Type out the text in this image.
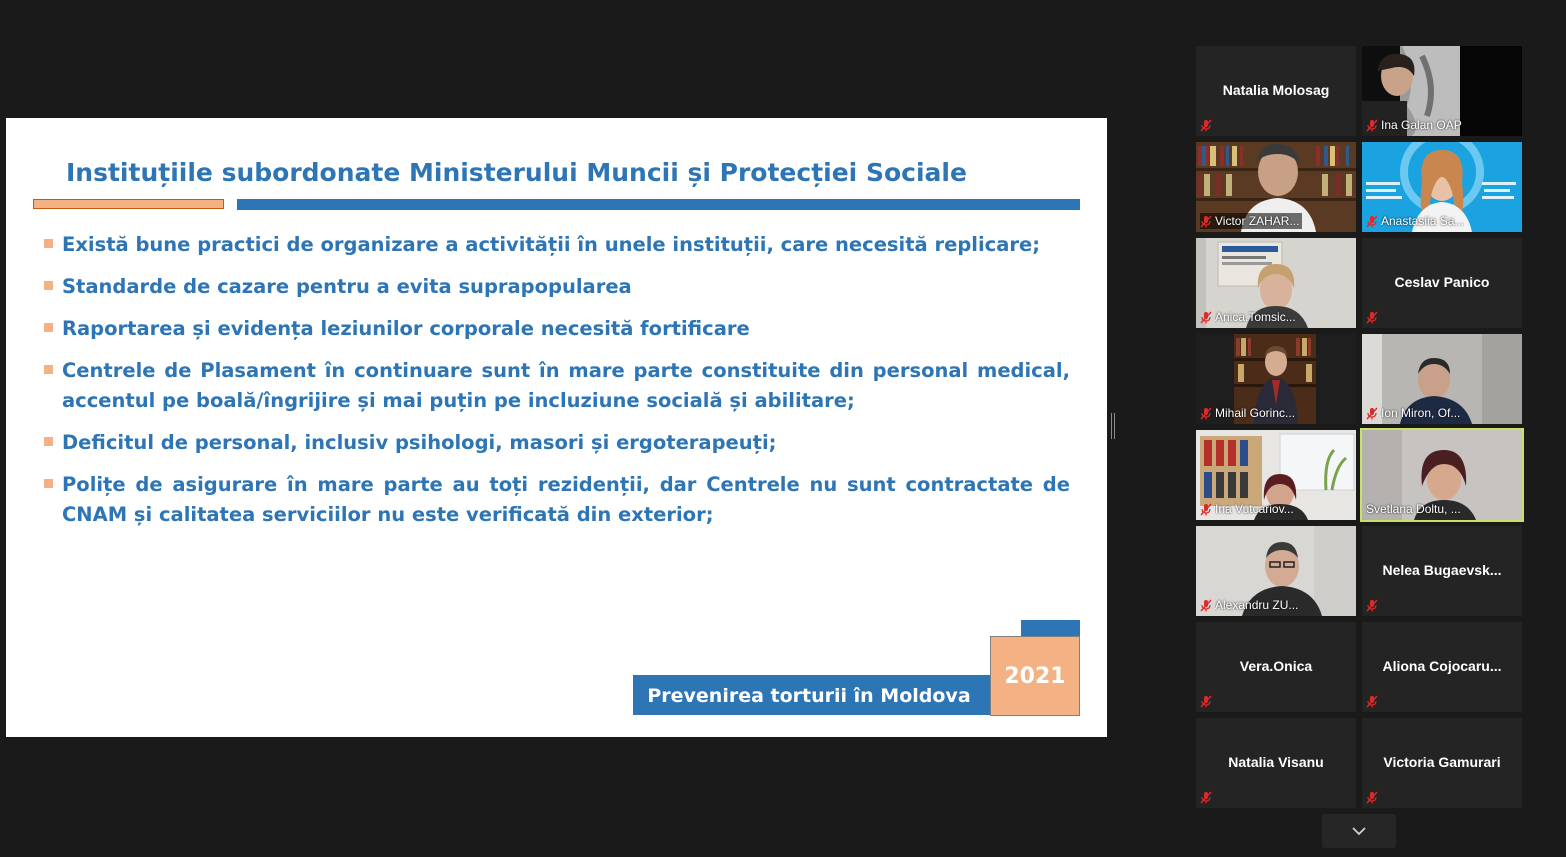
Instituțiile subordonate Ministerului Muncii și Protecției Sociale
Există bune practici de organizare a activității în unele instituții, care necesită replicare;
Standarde de cazare pentru a evita suprapopularea
Raportarea și evidența leziunilor corporale necesită fortificare
Centrele de Plasament în continuare sunt în mare parte constituite din personal medical, accentul pe boală/îngrijire și mai puțin pe incluziune socială și abilitare;
Deficitul de personal, inclusiv psihologi, masori și ergoterapeuți;
Polițe de asigurare în mare parte au toți rezidenții, dar Centrele nu sunt contractate de CNAM și calitatea serviciilor nu este verificată din exterior;
Prevenirea torturii în Moldova
2021
Natalia Molosag
Ina Galan OAP
Victor ZAHAR...	Anastasiia Sa...
Anica.Tomsic...
Ceslav Panico
Mihail Gorinc...	Ion Miron, Of...
Ina Vutcariov...	Svetlana Doltu, ...
Alexandru ZU...
Nelea Bugaevsk...
Vera.Onica	Aliona Cojocaru...
Natalia Visanu	Victoria Gamurari
